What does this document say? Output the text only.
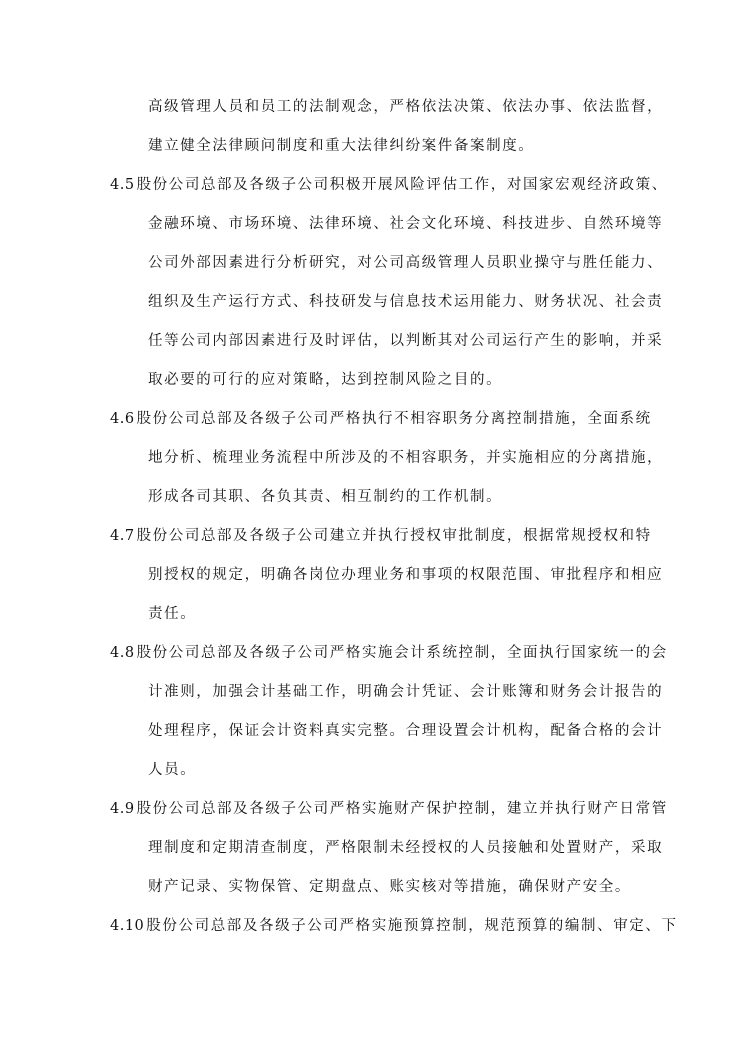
高级管理人员和员工的法制观念，严格依法决策、依法办事、依法监督，
建立健全法律顾问制度和重大法律纠纷案件备案制度。
4.5 股份公司总部及各级子公司积极开展风险评估工作，对国家宏观经济政策、
金融环境、市场环境、法律环境、社会文化环境、科技进步、自然环境等
公司外部因素进行分析研究，对公司高级管理人员职业操守与胜任能力、
组织及生产运行方式、科技研发与信息技术运用能力、财务状况、社会责
任等公司内部因素进行及时评估，以判断其对公司运行产生的影响，并采
取必要的可行的应对策略，达到控制风险之目的。
4.6 股份公司总部及各级子公司严格执行不相容职务分离控制措施，全面系统
地分析、梳理业务流程中所涉及的不相容职务，并实施相应的分离措施，
形成各司其职、各负其责、相互制约的工作机制。
4.7 股份公司总部及各级子公司建立并执行授权审批制度，根据常规授权和特
别授权的规定，明确各岗位办理业务和事项的权限范围、审批程序和相应
责任。
4.8 股份公司总部及各级子公司严格实施会计系统控制，全面执行国家统一的会
计准则，加强会计基础工作，明确会计凭证、会计账簿和财务会计报告的
处理程序，保证会计资料真实完整。合理设置会计机构，配备合格的会计
人员。
4.9 股份公司总部及各级子公司严格实施财产保护控制，建立并执行财产日常管
理制度和定期清查制度，严格限制未经授权的人员接触和处置财产，采取
财产记录、实物保管、定期盘点、账实核对等措施，确保财产安全。
4.10 股份公司总部及各级子公司严格实施预算控制，规范预算的编制、审定、下
